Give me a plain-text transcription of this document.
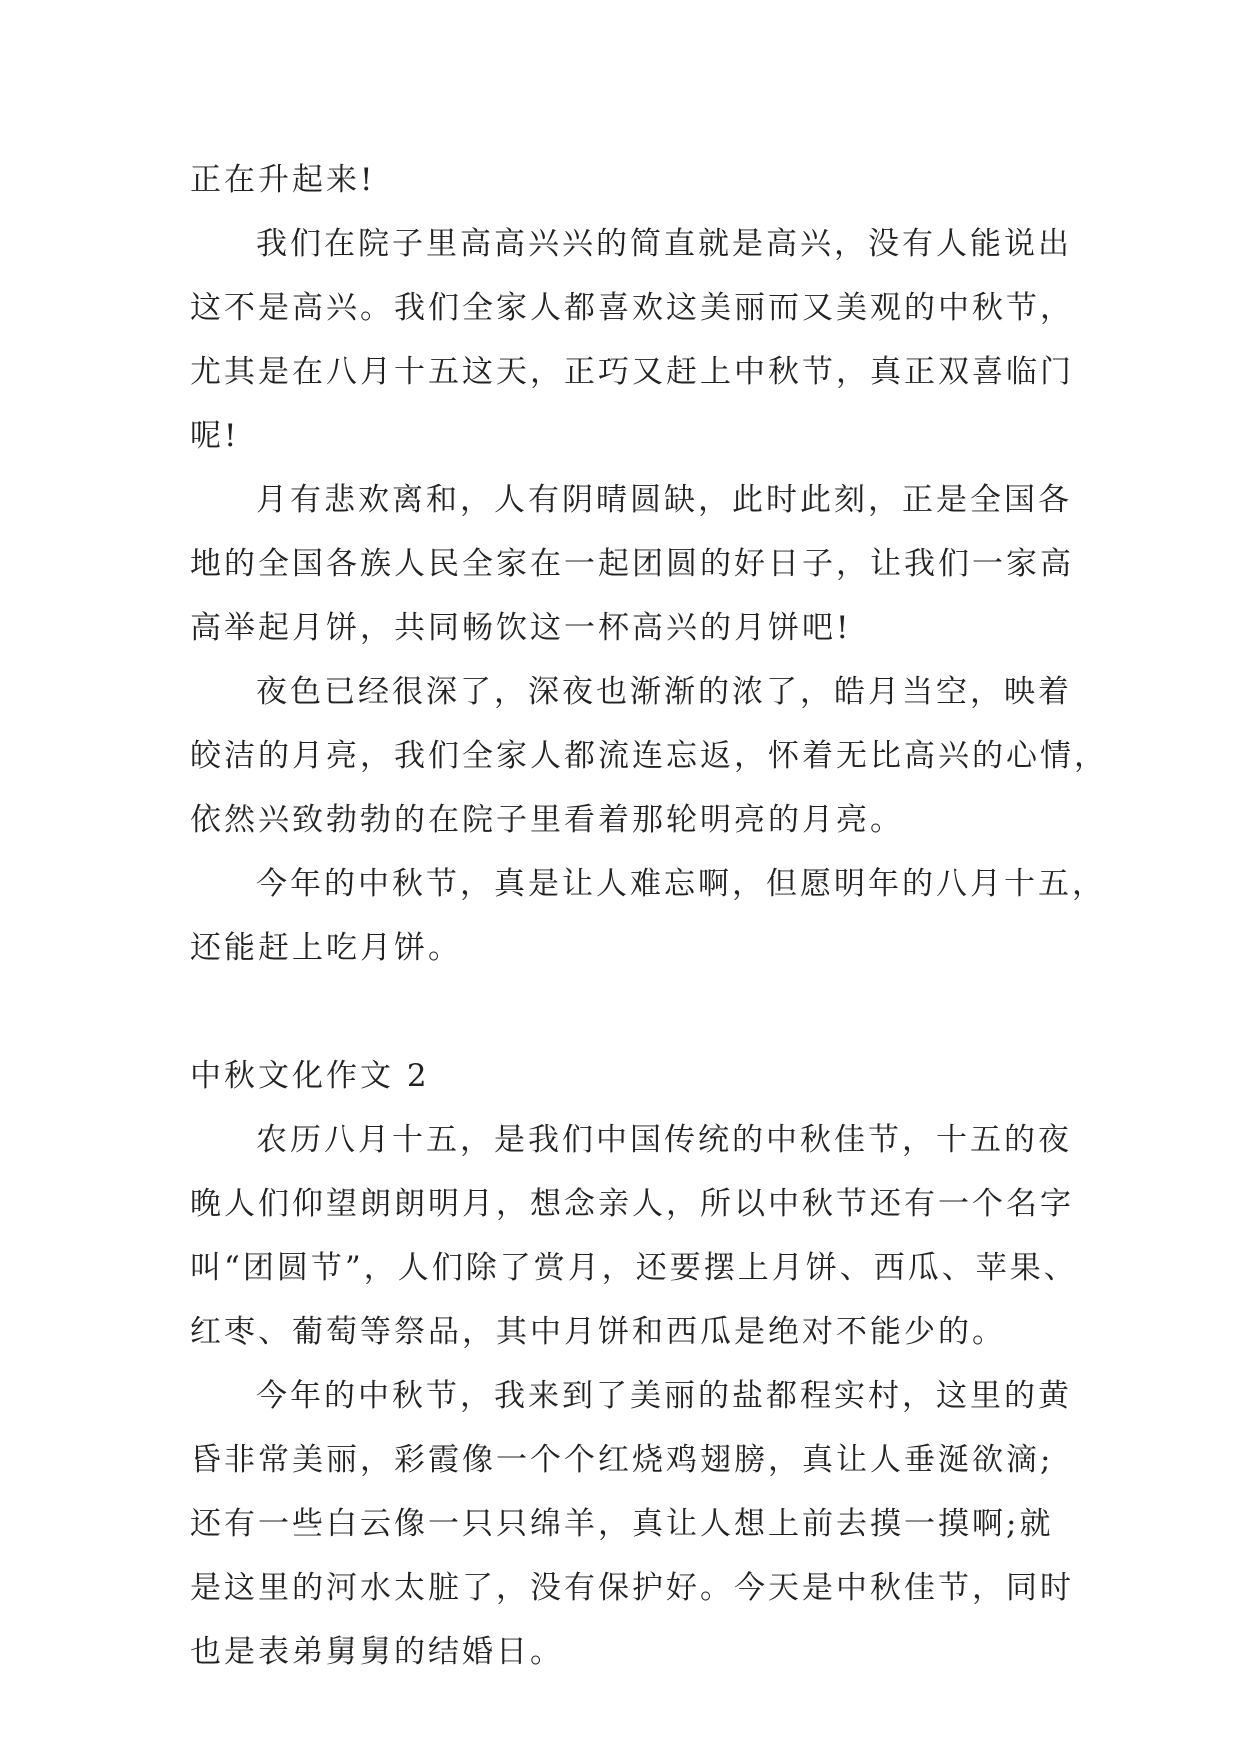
正在升起来!
我们在院子里高高兴兴的简直就是高兴，没有人能说出
这不是高兴。我们全家人都喜欢这美丽而又美观的中秋节，
尤其是在八月十五这天，正巧又赶上中秋节，真正双喜临门
呢!
月有悲欢离和，人有阴晴圆缺，此时此刻，正是全国各
地的全国各族人民全家在一起团圆的好日子，让我们一家高
高举起月饼，共同畅饮这一杯高兴的月饼吧!
夜色已经很深了，深夜也渐渐的浓了，皓月当空，映着
皎洁的月亮，我们全家人都流连忘返，怀着无比高兴的心情，
依然兴致勃勃的在院子里看着那轮明亮的月亮。
今年的中秋节，真是让人难忘啊，但愿明年的八月十五，
还能赶上吃月饼。
中秋文化作文 2
农历八月十五，是我们中国传统的中秋佳节，十五的夜
晚人们仰望朗朗明月，想念亲人，所以中秋节还有一个名字
叫“团圆节”，人们除了赏月，还要摆上月饼、西瓜、苹果、
红枣、葡萄等祭品，其中月饼和西瓜是绝对不能少的。
今年的中秋节，我来到了美丽的盐都程实村，这里的黄
昏非常美丽，彩霞像一个个红烧鸡翅膀，真让人垂涎欲滴;
还有一些白云像一只只绵羊，真让人想上前去摸一摸啊;就
是这里的河水太脏了，没有保护好。今天是中秋佳节，同时
也是表弟舅舅的结婚日。
